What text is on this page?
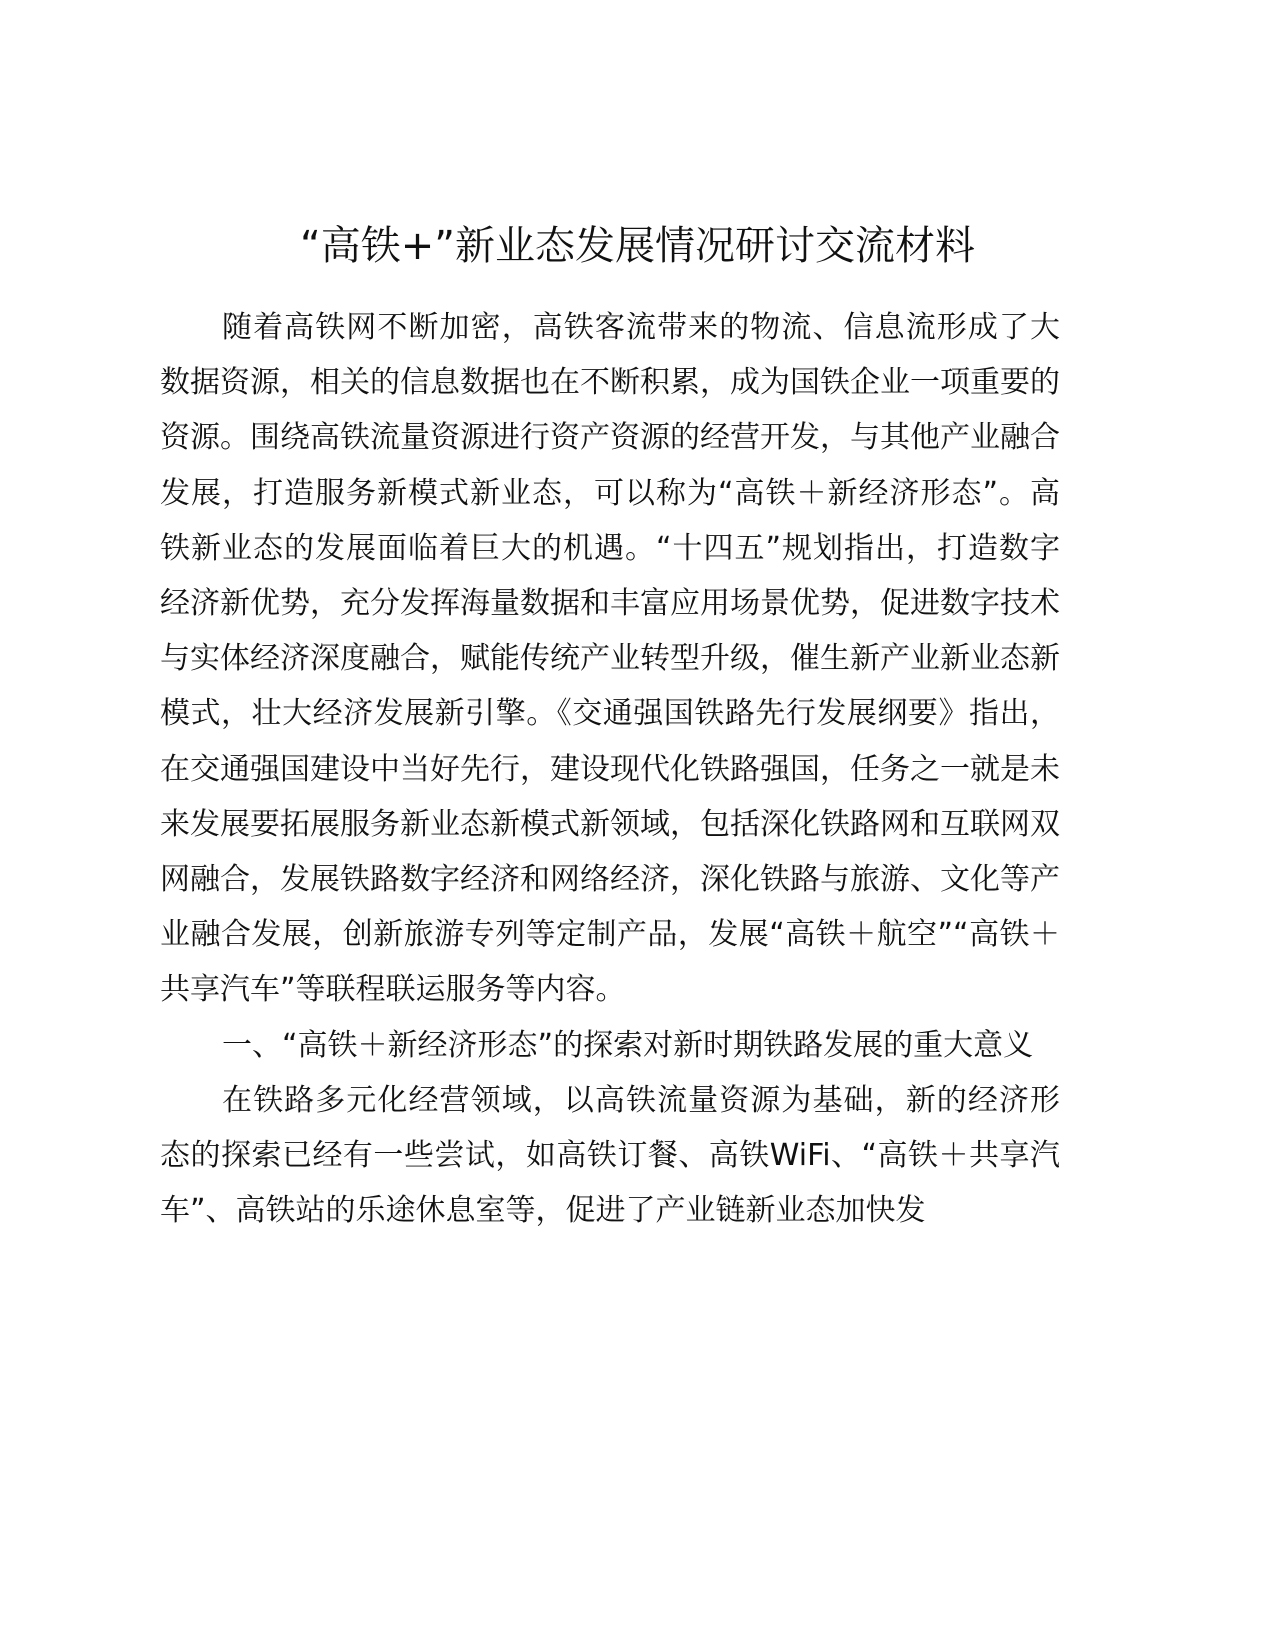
“高铁+”新业态发展情况研讨交流材料

随着高铁网不断加密，高铁客流带来的物流、信息流形成了大数据资源，相关的信息数据也在不断积累，成为国铁企业一项重要的资源。围绕高铁流量资源进行资产资源的经营开发，与其他产业融合发展，打造服务新模式新业态，可以称为“高铁＋新经济形态”。高铁新业态的发展面临着巨大的机遇。“十四五”规划指出，打造数字经济新优势，充分发挥海量数据和丰富应用场景优势，促进数字技术与实体经济深度融合，赋能传统产业转型升级，催生新产业新业态新模式，壮大经济发展新引擎。《交通强国铁路先行发展纲要》指出，在交通强国建设中当好先行，建设现代化铁路强国，任务之一就是未来发展要拓展服务新业态新模式新领域，包括深化铁路网和互联网双网融合，发展铁路数字经济和网络经济，深化铁路与旅游、文化等产业融合发展，创新旅游专列等定制产品，发展“高铁＋航空”“高铁＋共享汽车”等联程联运服务等内容。

一、“高铁＋新经济形态”的探索对新时期铁路发展的重大意义

在铁路多元化经营领域，以高铁流量资源为基础，新的经济形态的探索已经有一些尝试，如高铁订餐、高铁WiFi、“高铁＋共享汽车”、高铁站的乐途休息室等，促进了产业链新业态加快发
